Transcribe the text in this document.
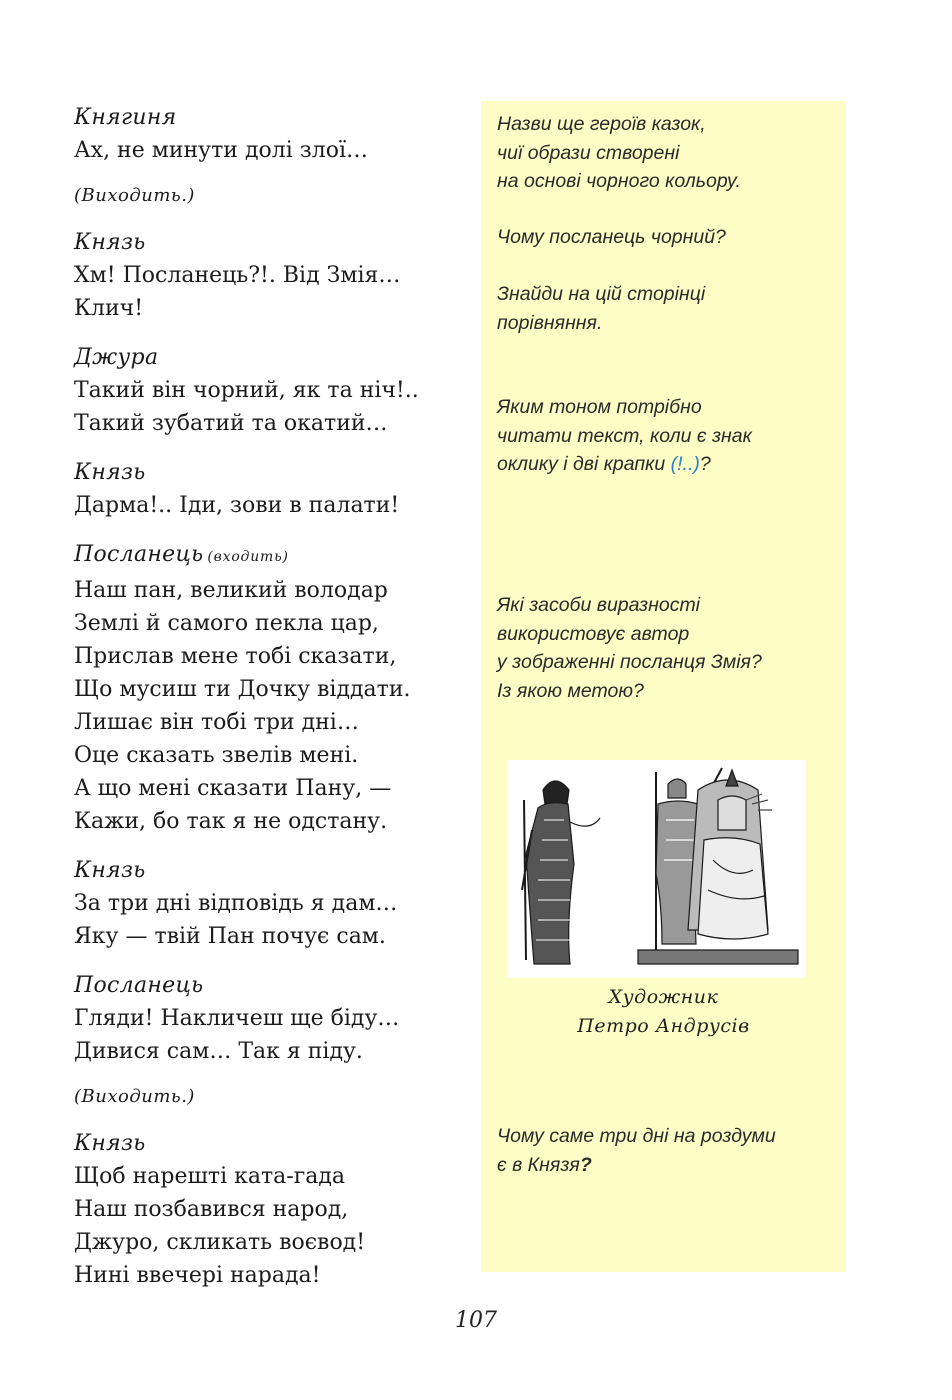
Княгиня
Ах, не минути долі злої…
(Виходить.)
Князь
Хм! Посланець?!. Від Змія…
Клич!
Джура
Такий він чорний, як та ніч!..
Такий зубатий та окатий…
Князь
Дарма!.. Іди, зови в палати!
Посланець (входить)
Наш пан, великий володар
Землі й самого пекла цар,
Прислав мене тобі сказати,
Що мусиш ти Дочку віддати.
Лишає він тобі три дні…
Оце сказать звелів мені.
А що мені сказати Пану, —
Кажи, бо так я не одстану.
Князь
За три дні відповідь я дам…
Яку — твій Пан почує сам.
Посланець
Гляди! Накличеш ще біду…
Дивися сам… Так я піду.
(Виходить.)
Князь
Щоб нарешті ката-гада
Наш позбавився народ,
Джуро, скликать воєвод!
Нині ввечері нарада!
Назви ще героїв казок,
чиї образи створені
на основі чорного кольору.
Чому посланець чорний?
Знайди на цій сторінці
порівняння.
Яким тоном потрібно
читати текст, коли є знак
оклику і дві крапки (!..)?
Які засоби виразності
використовує автор
у зображенні посланця Змія?
Із якою метою?
Художник
Петро Андрусів
Чому саме три дні на роздуми
є в Князя?
107
